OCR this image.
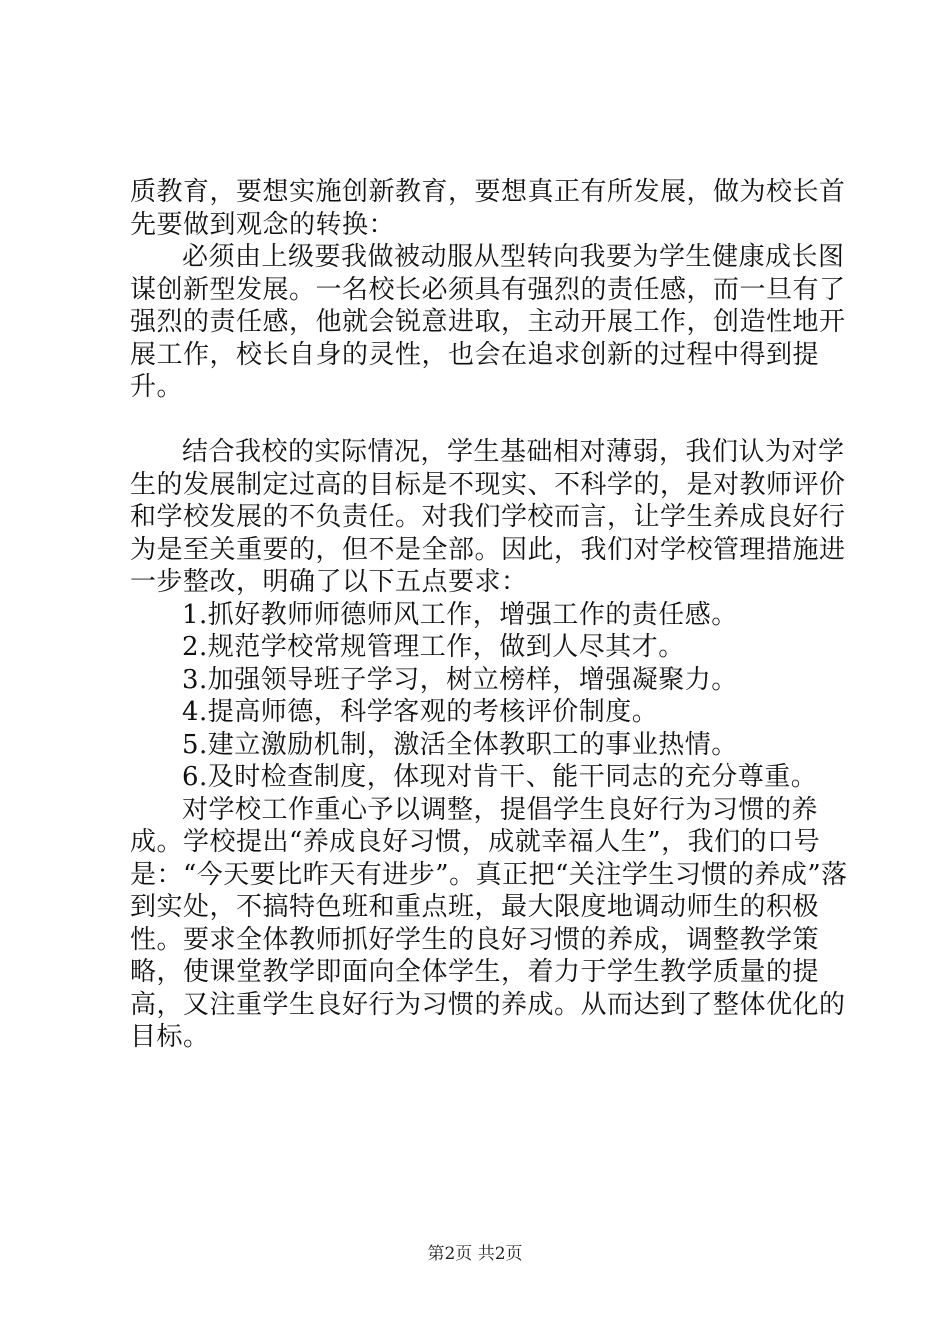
质教育，要想实施创新教育，要想真正有所发展，做为校长首先要做到观念的转换：

必须由上级要我做被动服从型转向我要为学生健康成长图谋创新型发展。一名校长必须具有强烈的责任感，而一旦有了强烈的责任感，他就会锐意进取，主动开展工作，创造性地开展工作，校长自身的灵性，也会在追求创新的过程中得到提升。

结合我校的实际情况，学生基础相对薄弱，我们认为对学生的发展制定过高的目标是不现实、不科学的，是对教师评价和学校发展的不负责任。对我们学校而言，让学生养成良好行为是至关重要的，但不是全部。因此，我们对学校管理措施进一步整改，明确了以下五点要求：

1.抓好教师师德师风工作，增强工作的责任感。

2.规范学校常规管理工作，做到人尽其才。

3.加强领导班子学习，树立榜样，增强凝聚力。

4.提高师德，科学客观的考核评价制度。

5.建立激励机制，激活全体教职工的事业热情。

6.及时检查制度，体现对肯干、能干同志的充分尊重。

对学校工作重心予以调整，提倡学生良好行为习惯的养成。学校提出“养成良好习惯，成就幸福人生”，我们的口号是：“今天要比昨天有进步”。真正把“关注学生习惯的养成”落到实处，不搞特色班和重点班，最大限度地调动师生的积极性。要求全体教师抓好学生的良好习惯的养成，调整教学策略，使课堂教学即面向全体学生，着力于学生教学质量的提高，又注重学生良好行为习惯的养成。从而达到了整体优化的目标。

第2页 共2页
